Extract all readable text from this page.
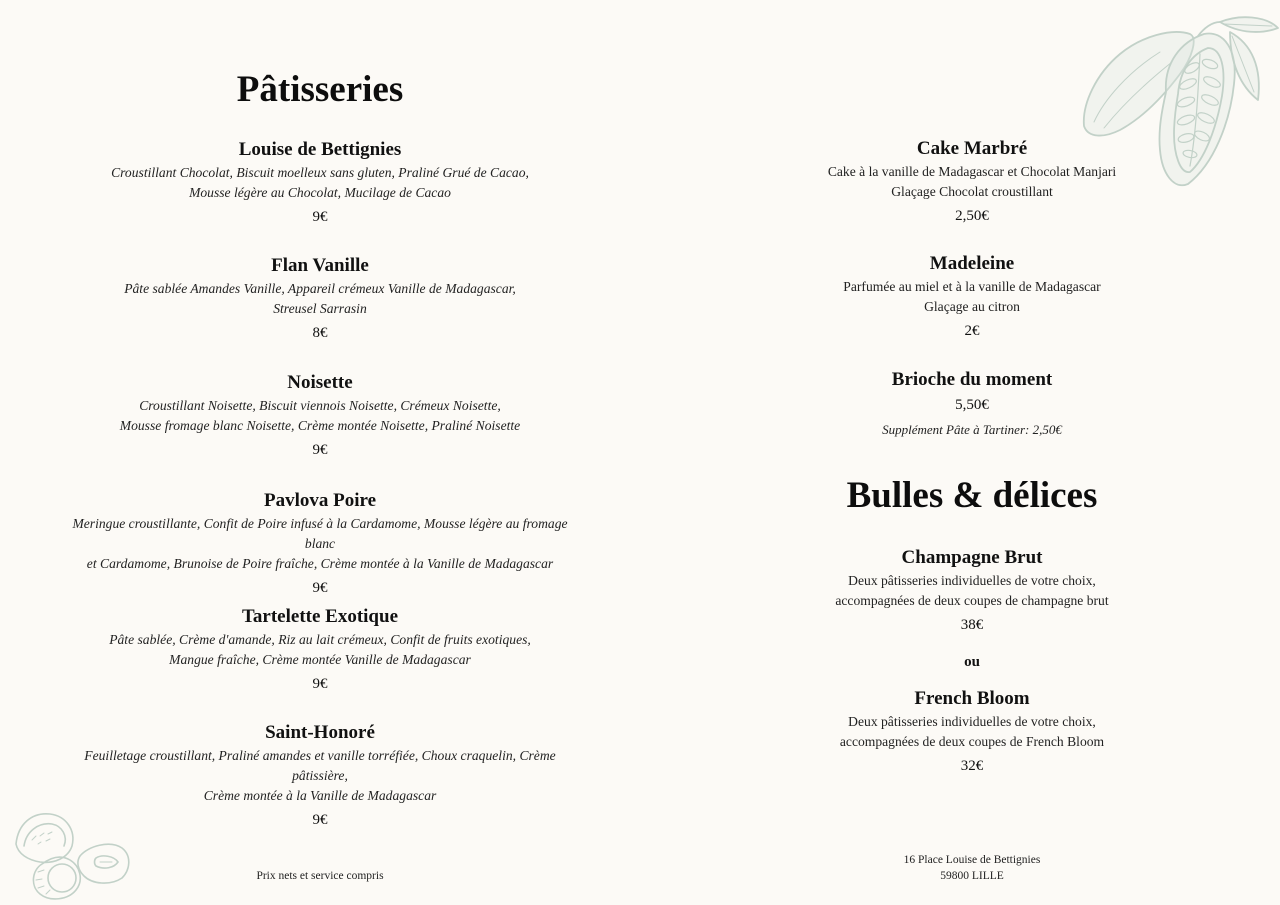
Pâtisseries
Louise de Bettignies
Croustillant Chocolat, Biscuit moelleux sans gluten, Praliné Grué de Cacao,
Mousse légère au Chocolat, Mucilage de Cacao
9€
Flan Vanille
Pâte sablée Amandes Vanille, Appareil crémeux Vanille de Madagascar,
Streusel Sarrasin
8€
Noisette
Croustillant Noisette, Biscuit viennois Noisette, Crémeux Noisette,
Mousse fromage blanc Noisette, Crème montée Noisette, Praliné Noisette
9€
Pavlova Poire
Meringue croustillante, Confit de Poire infusé à la Cardamome, Mousse légère au fromage blanc
et Cardamome, Brunoise de Poire fraîche, Crème montée à la Vanille de Madagascar
9€
Tartelette Exotique
Pâte sablée, Crème d'amande, Riz au lait crémeux, Confit de fruits exotiques,
Mangue fraîche, Crème montée Vanille de Madagascar
9€
Saint-Honoré
Feuilletage croustillant, Praliné amandes et vanille torréfiée, Choux craquelin, Crème pâtissière,
Crème montée à la Vanille de Madagascar
9€
Prix nets et service compris
Cake Marbré
Cake à la vanille de Madagascar et Chocolat Manjari
Glaçage Chocolat croustillant
2,50€
Madeleine
Parfumée au miel et à la vanille de Madagascar
Glaçage au citron
2€
Brioche du moment
5,50€
Supplément Pâte à Tartiner: 2,50€
Champagne Brut
Deux pâtisseries individuelles de votre choix,
accompagnées de deux coupes de champagne brut
38€
ou
French Bloom
Deux pâtisseries individuelles de votre choix,
accompagnées de deux coupes de French Bloom
32€
Bulles & délices
16 Place Louise de Bettignies
59800 LILLE
